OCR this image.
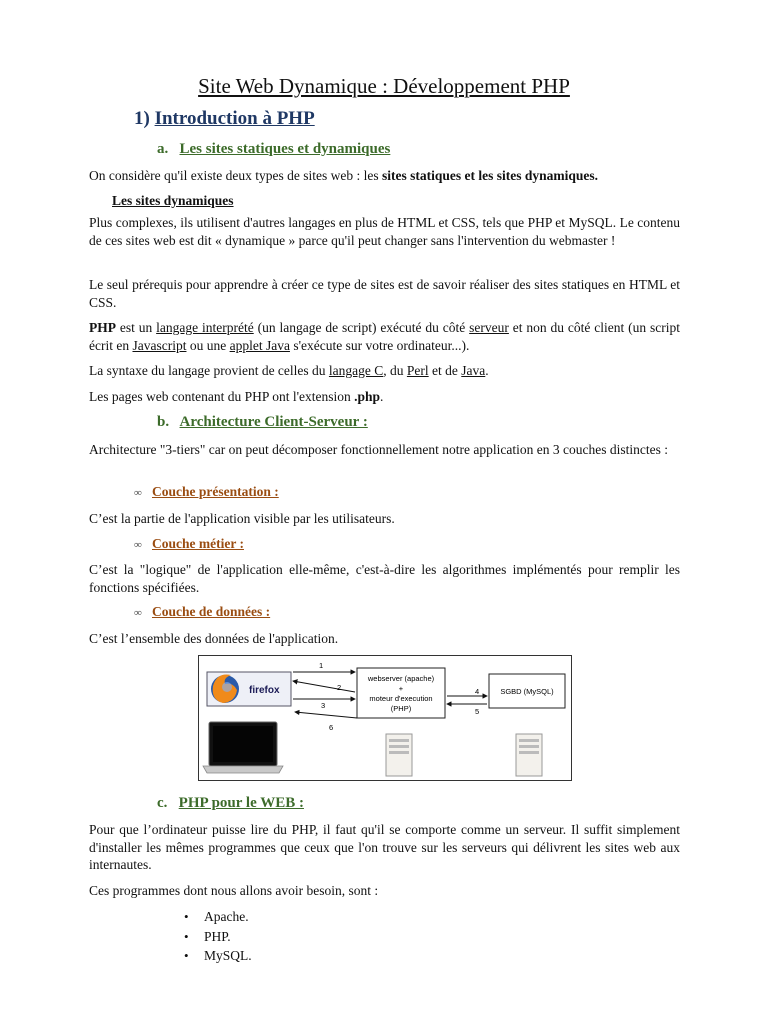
Site Web Dynamique : Développement PHP
1) Introduction à PHP
a. Les sites statiques et dynamiques
On considère qu'il existe deux types de sites web : les sites statiques et les sites dynamiques.
Les sites dynamiques
Plus complexes, ils utilisent d'autres langages en plus de HTML et CSS, tels que PHP et MySQL. Le contenu de ces sites web est dit « dynamique » parce qu'il peut changer sans l'intervention du webmaster !
Le seul prérequis pour apprendre à créer ce type de sites est de savoir réaliser des sites statiques en HTML et CSS.
PHP est un langage interprété (un langage de script) exécuté du côté serveur et non du côté client (un script écrit en Javascript ou une applet Java s'exécute sur votre ordinateur...).
La syntaxe du langage provient de celles du langage C, du Perl et de Java.
Les pages web contenant du PHP ont l'extension .php.
b. Architecture Client-Serveur :
Architecture "3-tiers" car on peut décomposer fonctionnellement notre application en 3 couches distinctes :
∞ Couche présentation :
C’est la partie de l'application visible par les utilisateurs.
∞ Couche métier :
C’est la "logique" de l'application elle-même, c'est-à-dire les algorithmes implémentés pour remplir les fonctions spécifiées.
∞ Couche de données :
C’est l’ensemble des données de l'application.
firefox
webserver (apache)
+
moteur d'execution
(PHP)
SGBD (MySQL)
1
2
3
4
5
6
c. PHP pour le WEB :
Pour que l’ordinateur puisse lire du PHP, il faut qu'il se comporte comme un serveur. Il suffit simplement d'installer les mêmes programmes que ceux que l'on trouve sur les serveurs qui délivrent les sites web aux internautes.
Ces programmes dont nous allons avoir besoin, sont :
• Apache.
• PHP.
• MySQL.
